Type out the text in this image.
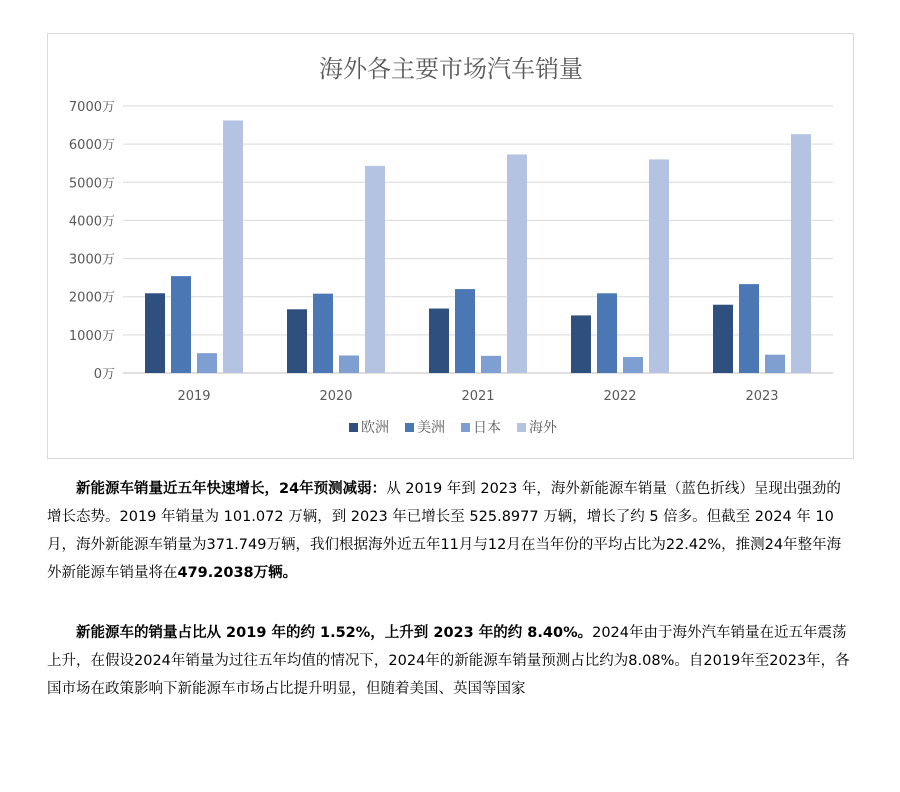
海外各主要市场汽车销量
0万
1000万
2000万
3000万
4000万
5000万
6000万
7000万
2019	2020	2021	2022	2023
欧洲 美洲 日本 海外

新能源车销量近五年快速增长，24年预测减弱：从 2019 年到 2023 年，海外新能源车销量（蓝色折线）呈现出强劲的增长态势。2019 年销量为 101.072 万辆，到 2023 年已增长至 525.8977 万辆，增长了约 5 倍多。但截至 2024 年 10 月，海外新能源车销量为371.749万辆，我们根据海外近五年11月与12月在当年份的平均占比为22.42%，推测24年整年海外新能源车销量将在479.2038万辆。

新能源车的销量占比从 2019 年的约 1.52%，上升到 2023 年的约 8.40%。2024年由于海外汽车销量在近五年震荡上升，在假设2024年销量为过往五年均值的情况下，2024年的新能源车销量预测占比约为8.08%。自2019年至2023年，各国市场在政策影响下新能源车市场占比提升明显，但随着美国、英国等国家
